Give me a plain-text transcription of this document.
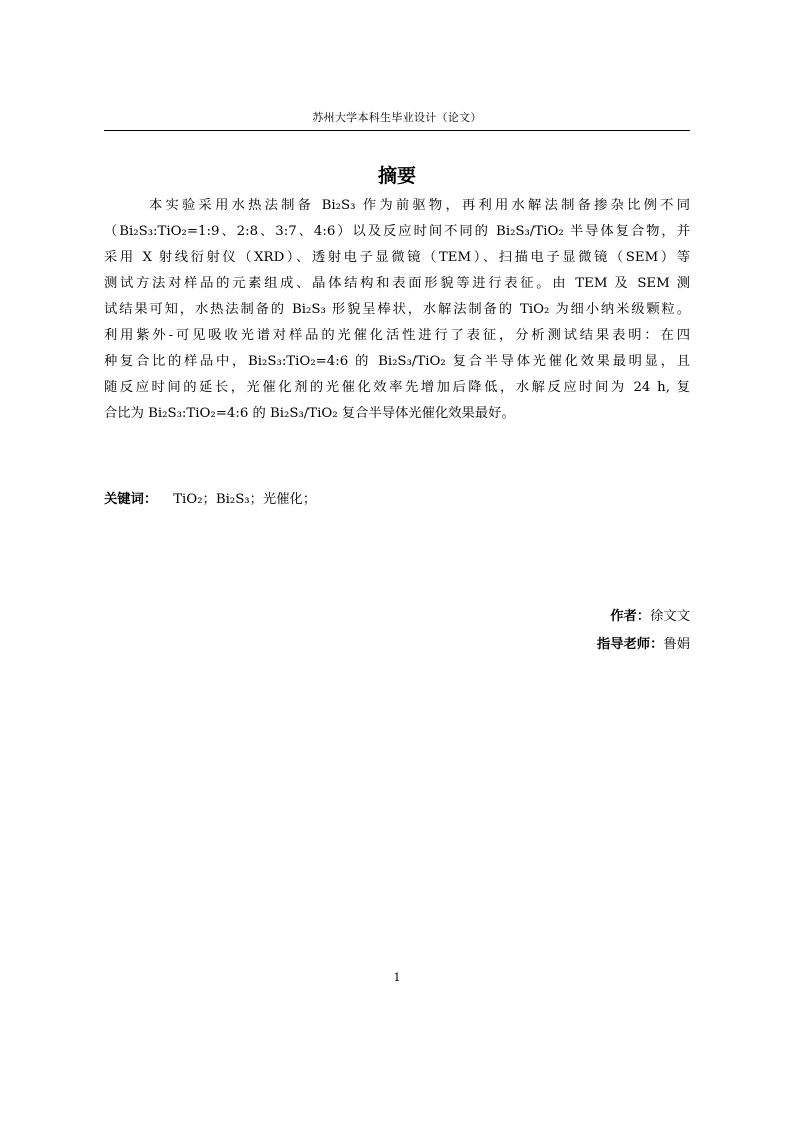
苏州大学本科生毕业设计（论文）
摘要
本实验采用水热法制备 Bi₂S₃ 作为前驱物，再利用水解法制备掺杂比例不同
（Bi₂S₃:TiO₂=1:9、2:8、3:7、4:6）以及反应时间不同的 Bi₂S₃/TiO₂ 半导体复合物，并
采用 X 射线衍射仪（XRD）、透射电子显微镜（TEM）、扫描电子显微镜（SEM）等
测试方法对样品的元素组成、晶体结构和表面形貌等进行表征。由 TEM 及 SEM 测
试结果可知，水热法制备的 Bi₂S₃ 形貌呈棒状，水解法制备的 TiO₂ 为细小纳米级颗粒。
利用紫外-可见吸收光谱对样品的光催化活性进行了表征，分析测试结果表明：在四
种复合比的样品中，Bi₂S₃:TiO₂=4:6 的 Bi₂S₃/TiO₂ 复合半导体光催化效果最明显，且
随反应时间的延长，光催化剂的光催化效率先增加后降低，水解反应时间为 24 h, 复
合比为 Bi₂S₃:TiO₂=4:6 的 Bi₂S₃/TiO₂ 复合半导体光催化效果最好。
关键词： TiO₂；Bi₂S₃；光催化；
作者：徐文文
指导老师：鲁娟
1
